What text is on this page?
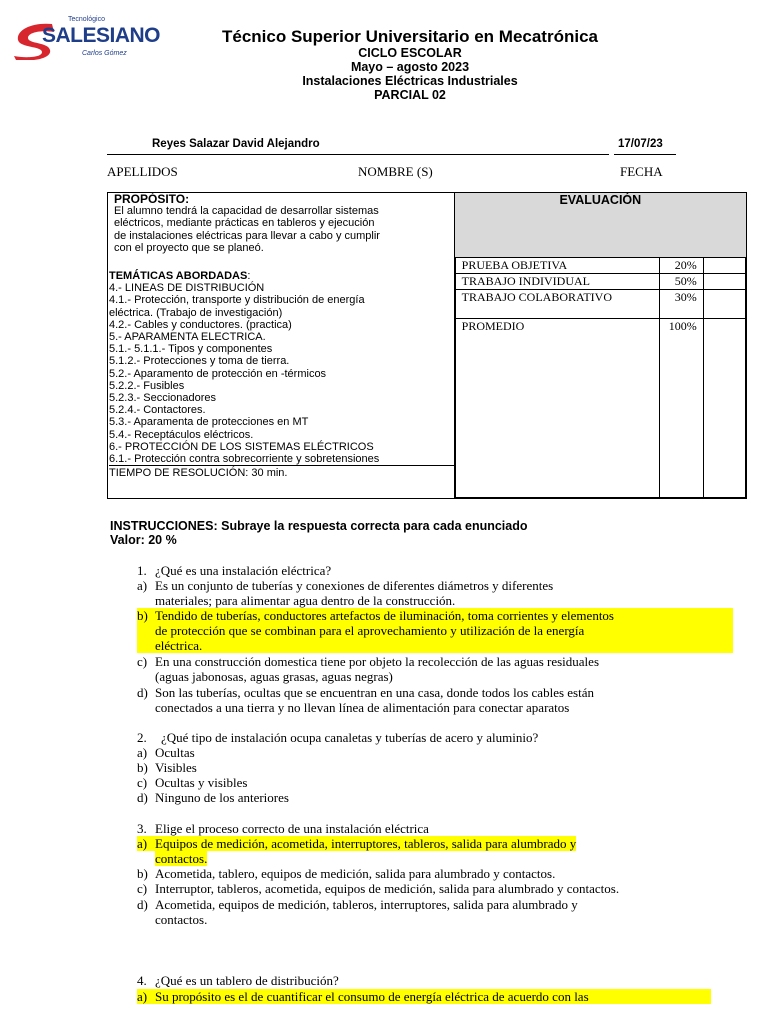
Tecnológico
SALESIANO
Carlos Gómez
Técnico Superior Universitario en Mecatrónica
CICLO ESCOLAR
Mayo – agosto 2023
Instalaciones Eléctricas Industriales
PARCIAL 02
Reyes Salazar David Alejandro	17/07/23
APELLIDOS	NOMBRE (S)	FECHA
PROPÓSITO:
El alumno tendrá la capacidad de desarrollar sistemas
eléctricos, mediante prácticas en tableros y ejecución
de instalaciones eléctricas para llevar a cabo y cumplir
con el proyecto que se planeó.
TEMÁTICAS ABORDADAS:
4.- LINEAS DE DISTRIBUCIÓN
4.1.- Protección, transporte y distribución de energía
eléctrica. (Trabajo de investigación)
4.2.- Cables y conductores. (practica)
5.- APARAMENTA ELECTRICA.
5.1.- 5.1.1.- Tipos y componentes
5.1.2.- Protecciones y toma de tierra.
5.2.- Aparamento de protección en -térmicos
5.2.2.- Fusibles
5.2.3.- Seccionadores
5.2.4.- Contactores.
5.3.- Aparamenta de protecciones en MT
5.4.- Receptáculos eléctricos.
6.- PROTECCIÓN DE LOS SISTEMAS ELÉCTRICOS
6.1.- Protección contra sobrecorriente y sobretensiones
TIEMPO DE RESOLUCIÓN: 30 min.

EVALUACIÓN
PRUEBA OBJETIVA	20%	
TRABAJO INDIVIDUAL	50%	
TRABAJO COLABORATIVO	30%	
PROMEDIO	100%	
INSTRUCCIONES: Subraye la respuesta correcta para cada enunciado
Valor: 20 %
1. ¿Qué es una instalación eléctrica?
a) Es un conjunto de tuberías y conexiones de diferentes diámetros y diferentes
materiales; para alimentar agua dentro de la construcción.
b) Tendido de tuberías, conductores artefactos de iluminación, toma corrientes y elementos
de protección que se combinan para el aprovechamiento y utilización de la energía
eléctrica.
c) En una construcción domestica tiene por objeto la recolección de las aguas residuales
(aguas jabonosas, aguas grasas, aguas negras)
d) Son las tuberías, ocultas que se encuentran en una casa, donde todos los cables están
conectados a una tierra y no llevan línea de alimentación para conectar aparatos
2. ¿Qué tipo de instalación ocupa canaletas y tuberías de acero y aluminio?
a) Ocultas
b) Visibles
c) Ocultas y visibles
d) Ninguno de los anteriores
3. Elige el proceso correcto de una instalación eléctrica
a) Equipos de medición, acometida, interruptores, tableros, salida para alumbrado y
contactos.
b) Acometida, tablero, equipos de medición, salida para alumbrado y contactos.
c) Interruptor, tableros, acometida, equipos de medición, salida para alumbrado y contactos.
d) Acometida, equipos de medición, tableros, interruptores, salida para alumbrado y
contactos.
4. ¿Qué es un tablero de distribución?
a) Su propósito es el de cuantificar el consumo de energía eléctrica de acuerdo con las
